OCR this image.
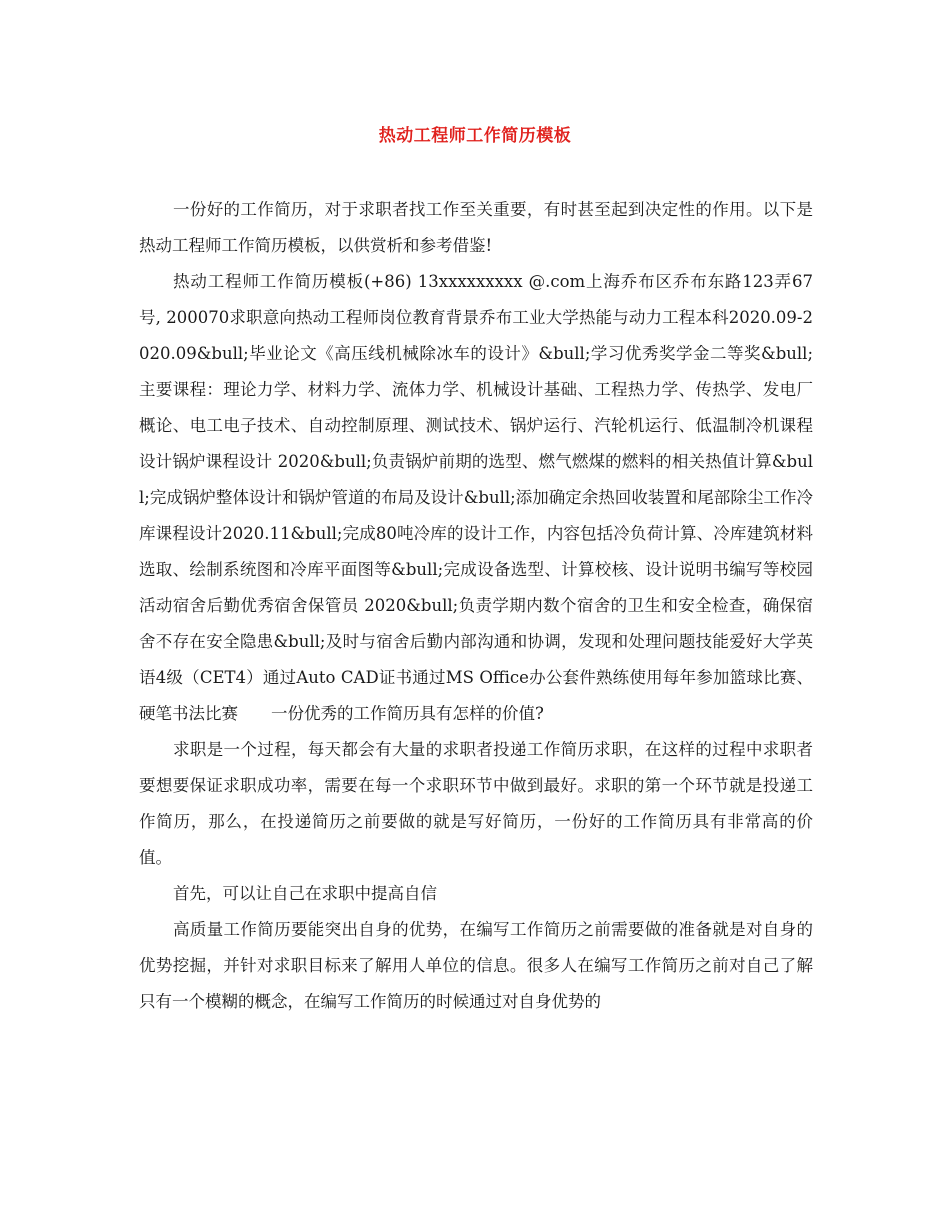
热动工程师工作简历模板

一份好的工作简历，对于求职者找工作至关重要，有时甚至起到决定性的作用。以下是热动工程师工作简历模板，以供赏析和参考借鉴!

热动工程师工作简历模板(+86) 13xxxxxxxxx @.com上海乔布区乔布东路123弄67号, 200070求职意向热动工程师岗位教育背景乔布工业大学热能与动力工程本科2020.09-2020.09&bull;毕业论文《高压线机械除冰车的设计》&bull;学习优秀奖学金二等奖&bull;主要课程：理论力学、材料力学、流体力学、机械设计基础、工程热力学、传热学、发电厂概论、电工电子技术、自动控制原理、测试技术、锅炉运行、汽轮机运行、低温制冷机课程设计锅炉课程设计 2020&bull;负责锅炉前期的选型、燃气燃煤的燃料的相关热值计算&bull;完成锅炉整体设计和锅炉管道的布局及设计&bull;添加确定余热回收装置和尾部除尘工作冷库课程设计2020.11&bull;完成80吨冷库的设计工作，内容包括冷负荷计算、冷库建筑材料选取、绘制系统图和冷库平面图等&bull;完成设备选型、计算校核、设计说明书编写等校园活动宿舍后勤优秀宿舍保管员 2020&bull;负责学期内数个宿舍的卫生和安全检查，确保宿舍不存在安全隐患&bull;及时与宿舍后勤内部沟通和协调，发现和处理问题技能爱好大学英语4级（CET4）通过Auto CAD证书通过MS Office办公套件熟练使用每年参加篮球比赛、硬笔书法比赛　　一份优秀的工作简历具有怎样的价值?

求职是一个过程，每天都会有大量的求职者投递工作简历求职，在这样的过程中求职者要想要保证求职成功率，需要在每一个求职环节中做到最好。求职的第一个环节就是投递工作简历，那么，在投递简历之前要做的就是写好简历，一份好的工作简历具有非常高的价值。

首先，可以让自己在求职中提高自信

高质量工作简历要能突出自身的优势，在编写工作简历之前需要做的准备就是对自身的优势挖掘，并针对求职目标来了解用人单位的信息。很多人在编写工作简历之前对自己了解只有一个模糊的概念，在编写工作简历的时候通过对自身优势的
